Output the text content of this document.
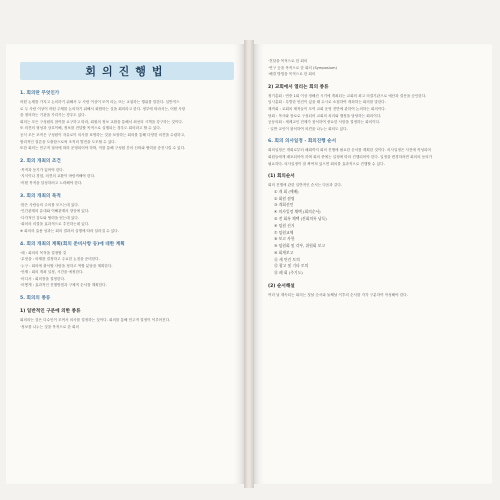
회의진행법
1. 회의란 무엇인가
어떤 논제를 가지고 논의하기 위해서 두 사람 이상이 모여 의논 또는 교섭하는 행위를 말한다. 일반적으
로 두 사람 이상이 어떤 주제를 논의하기 위해서 회합하는 것을 회의라고 한다. 정부에 따라서는, 어떤 사항
을 정의하는 기관을 가리키는 경우도 있다.
회의는 모든 구성원의 참여를 요구하고 따라, 회원의 정보 교환을 통해서 최선의 시책을 강구하는 것이다.
또 의견의 형성과 상호이해, 정보를 전달할 목적으로 실행되는 경우도 회의라고 할 수 있다.
공식 모든 조직은 구성원이 자유로이 의사를 표명하는 것을 보장하는 회의를 통해 다양한 의견을 수렴하고,
합리적인 결론을 도출함으로써 조직의 발전을 도모할 수 있다.
또한 회의는 민주적 절차에 따라 운영되어야 하며, 이를 통해 구성원 간의 신뢰와 협력을 증진시킬 수 있다.
2. 회의 개최의 조건
·목적과 동기가 있어야 한다.
·지식이나 경험, 의견의 교환이 바람직해야 한다.
·어떤 목적을 달성하려고 노력해야 한다.
3. 회의 개최의 목적
·많은 사람들의 주의를 모으는데 있다.
·인간관계의 유대와 이해관계의 향상에 있다.
·다각적인 검토와 협력을 얻는데 있다.
·회의의 의결을 효과적으로 추진하는데 있다.
※ 회의의 효용 성과는 회의 결과의 실행에 따라 달라질 수 있다.
4. 회의 개최의 계획(회의 준비사항 등)에 대한 계획
·때 : 회의의 목적을 결정할 것
·무엇을 : 의제를 결정하고 주요한 논점을 준비한다.
·누구 : 회의에 출석할 사람을 정하고 역할 분담을 계획한다.
·언제 : 회의 개최 일정, 시간을 예정한다.
·어디서 : 회의장을 결정한다.
·어떻게 : 효과적인 진행방법과 구체적 순서를 계획한다.
5. 회의의 종류
1) 일반적인 구분에 의한 종류
회의라는 것은 다수인이 모여서 의사를 결정하는 것이다. 회의를 통해 민주적 결정이 이루어진다.
·정보를 나누는 것을 목적으로 한 회의
·전달을 목적으로 한 회의
·연구 등을 목적으로 한 회의 (Symposium)
·해결 방법을 목적으로 한 회의
2) 교회에서 열리는 회의 종류
정기총회 : 연중 1회 이상 정해진 시기에 개최되는 교회의 최고 의결기관으로 예산과 결산을 승인한다.
임시총회 : 특별한 안건이 있을 때 수시로 소집하여 개최하는 회의를 말한다.
제직회 : 교회의 제직들이 모여 교회 운영 전반에 관하여 논의하는 회의이다.
당회 : 목사와 장로로 구성되어 교회의 치리와 행정을 담당하는 회의이다.
공동의회 : 세례교인 전체가 참석하여 중요한 사항을 결정하는 회의이다.
· 일반 교인이 참석하여 의견을 나누는 회의도 있다.
6. 회의 의사일정 - 회의진행 순서
회의일정은 개회로부터 폐회까지 회의 진행에 필요한 순서를 계획한 것이다. 의사일정은 사전에 작성되어
회원들에게 배포되어야 하며 회의 중에는 일정에 따라 진행되어야 한다. 일정을 변경하려면 회의의 동의가
필요하다. 의사일정이 잘 짜여져 있으면 회의를 효과적으로 진행할 수 있다.
(1) 회의순서
회의 진행에 관한 일반적인 순서는 다음과 같다.
① 개 회 (예배)
② 회원 점명
③ 개회선언
④ 의사일정 채택 (회의순서)
⑤ 전 회록 채택 (전회의록 낭독)
⑥ 임원 선거
⑦ 임원교체
⑧ 보고 사항
⑨ 임원회 및 각부, 위원회 보고
⑩ 회계보고
⑪ 새 안건 토의
⑫ 광고 및 기타 토의
⑬ 폐 회 (주기도)
(2) 순서해설
여러 날 계속되는 회의는 첫날 순서와 둘째날 이후의 순서를 각각 구분하여 작성해야 한다.
